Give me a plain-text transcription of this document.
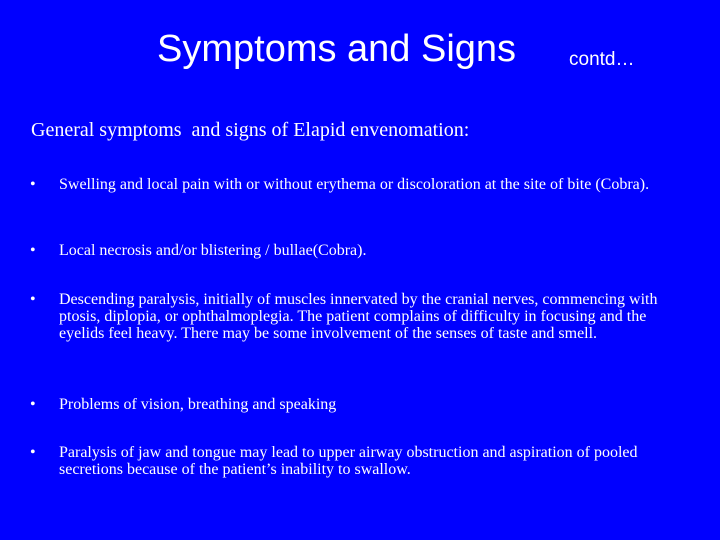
Symptoms and Signs	contd…
General symptoms  and signs of Elapid envenomation:
• Swelling and local pain with or without erythema or discoloration at the site of bite (Cobra).
• Local necrosis and/or blistering / bullae(Cobra).
• Descending paralysis, initially of muscles innervated by the cranial nerves, commencing with ptosis, diplopia, or ophthalmoplegia. The patient complains of difficulty in focusing and the eyelids feel heavy. There may be some involvement of the senses of taste and smell.
• Problems of vision, breathing and speaking
• Paralysis of jaw and tongue may lead to upper airway obstruction and aspiration of pooled secretions because of the patient’s inability to swallow.
